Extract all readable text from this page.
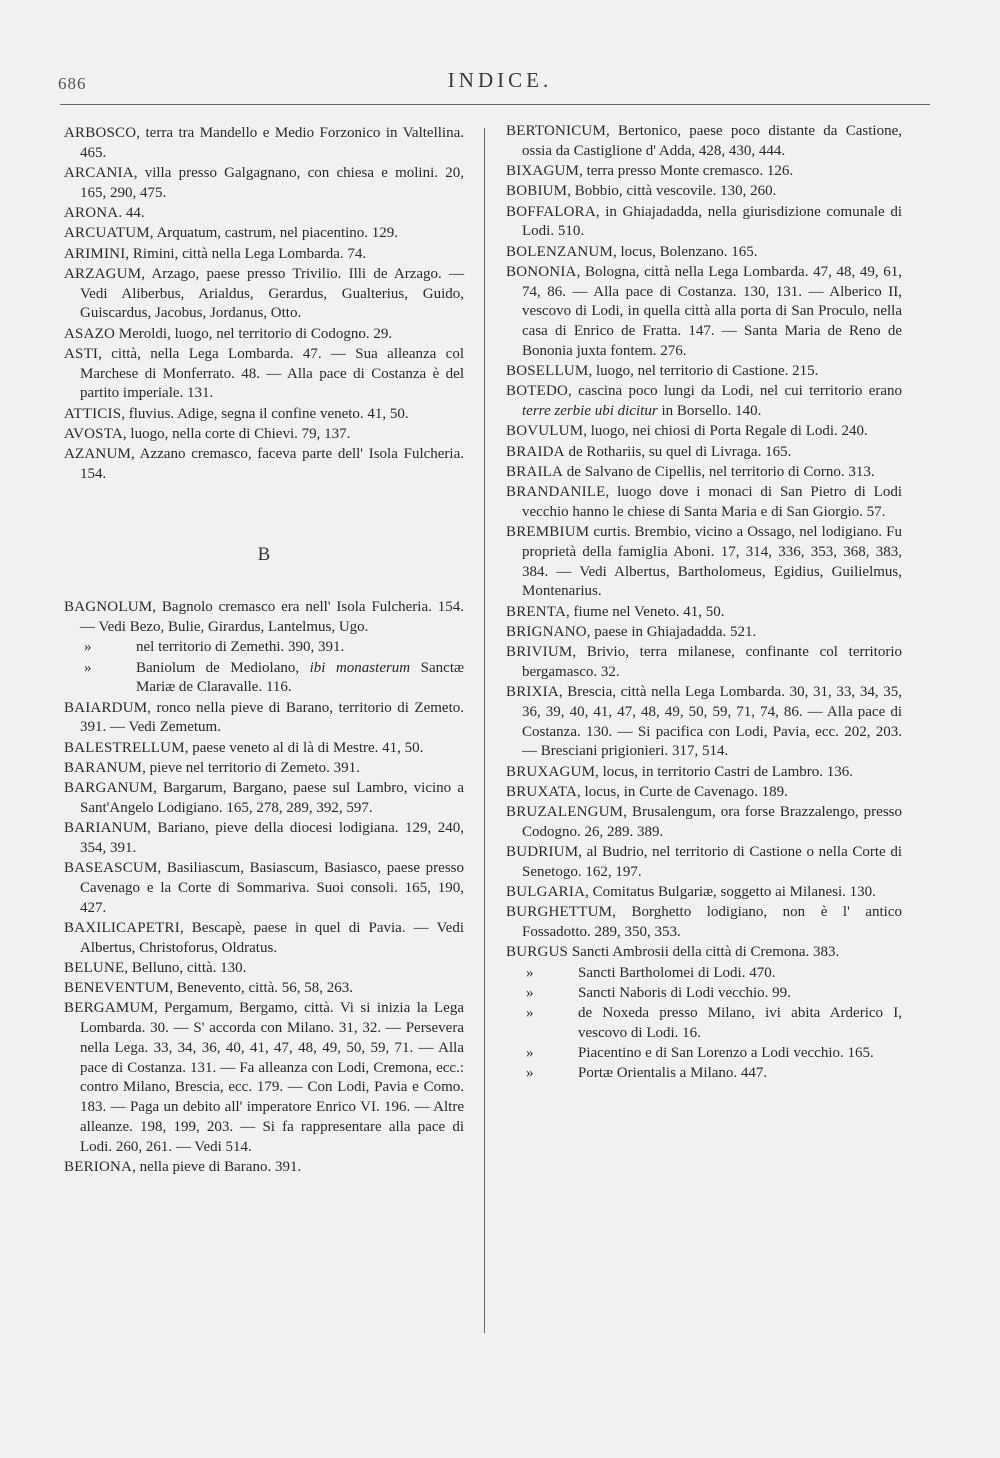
686	INDICE.
ARBOSCO, terra tra Mandello e Medio Forzonico in Valtellina. 465.
ARCANIA, villa presso Galgagnano, con chiesa e molini. 20, 165, 290, 475.
ARONA. 44.
ARCUATUM, Arquatum, castrum, nel piacentino. 129.
ARIMINI, Rimini, città nella Lega Lombarda. 74.
ARZAGUM, Arzago, paese presso Trivilio. Illi de Arzago. — Vedi Aliberbus, Arialdus, Gerardus, Gualterius, Guido, Guiscardus, Jacobus, Jordanus, Otto.
ASAZO Meroldi, luogo, nel territorio di Codogno. 29.
ASTI, città, nella Lega Lombarda. 47. — Sua alleanza col Marchese di Monferrato. 48. — Alla pace di Costanza è del partito imperiale. 131.
ATTICIS, fluvius. Adige, segna il confine veneto. 41, 50.
AVOSTA, luogo, nella corte di Chievi. 79, 137.
AZANUM, Azzano cremasco, faceva parte dell' Isola Fulcheria. 154.
B
BAGNOLUM, Bagnolo cremasco era nell' Isola Fulcheria. 154. — Vedi Bezo, Bulie, Girardus, Lantelmus, Ugo.
»	nel territorio di Zemethi. 390, 391.
»	Baniolum de Mediolano, ibi monasterum Sanctæ Mariæ de Claravalle. 116.
BAIARDUM, ronco nella pieve di Barano, territorio di Zemeto. 391. — Vedi Zemetum.
BALESTRELLUM, paese veneto al di là di Mestre. 41, 50.
BARANUM, pieve nel territorio di Zemeto. 391.
BARGANUM, Bargarum, Bargano, paese sul Lambro, vicino a Sant'Angelo Lodigiano. 165, 278, 289, 392, 597.
BARIANUM, Bariano, pieve della diocesi lodigiana. 129, 240, 354, 391.
BASEASCUM, Basiliascum, Basiascum, Basiasco, paese presso Cavenago e la Corte di Sommariva. Suoi consoli. 165, 190, 427.
BAXILICAPETRI, Bescapè, paese in quel di Pavia. — Vedi Albertus, Christoforus, Oldratus.
BELUNE, Belluno, città. 130.
BENEVENTUM, Benevento, città. 56, 58, 263.
BERGAMUM, Pergamum, Bergamo, città. Vi si inizia la Lega Lombarda. 30. — S' accorda con Milano. 31, 32. — Persevera nella Lega. 33, 34, 36, 40, 41, 47, 48, 49, 50, 59, 71. — Alla pace di Costanza. 131. — Fa alleanza con Lodi, Cremona, ecc.: contro Milano, Brescia, ecc. 179. — Con Lodi, Pavia e Como. 183. — Paga un debito all' imperatore Enrico VI. 196. — Altre alleanze. 198, 199, 203. — Si fa rappresentare alla pace di Lodi. 260, 261. — Vedi 514.
BERIONA, nella pieve di Barano. 391.
BERTONICUM, Bertonico, paese poco distante da Castione, ossia da Castiglione d' Adda, 428, 430, 444.
BIXAGUM, terra presso Monte cremasco. 126.
BOBIUM, Bobbio, città vescovile. 130, 260.
BOFFALORA, in Ghiajadadda, nella giurisdizione comunale di Lodi. 510.
BOLENZANUM, locus, Bolenzano. 165.
BONONIA, Bologna, città nella Lega Lombarda. 47, 48, 49, 61, 74, 86. — Alla pace di Costanza. 130, 131. — Alberico II, vescovo di Lodi, in quella città alla porta di San Proculo, nella casa di Enrico de Fratta. 147. — Santa Maria de Reno de Bononia juxta fontem. 276.
BOSELLUM, luogo, nel territorio di Castione. 215.
BOTEDO, cascina poco lungi da Lodi, nel cui territorio erano terre zerbie ubi dicitur in Borsello. 140.
BOVULUM, luogo, nei chiosi di Porta Regale di Lodi. 240.
BRAIDA de Rothariis, su quel di Livraga. 165.
BRAILA de Salvano de Cipellis, nel territorio di Corno. 313.
BRANDANILE, luogo dove i monaci di San Pietro di Lodi vecchio hanno le chiese di Santa Maria e di San Giorgio. 57.
BREMBIUM curtis. Brembio, vicino a Ossago, nel lodigiano. Fu proprietà della famiglia Aboni. 17, 314, 336, 353, 368, 383, 384. — Vedi Albertus, Bartholomeus, Egidius, Guilielmus, Montenarius.
BRENTA, fiume nel Veneto. 41, 50.
BRIGNANO, paese in Ghiajadadda. 521.
BRIVIUM, Brivio, terra milanese, confinante col territorio bergamasco. 32.
BRIXIA, Brescia, città nella Lega Lombarda. 30, 31, 33, 34, 35, 36, 39, 40, 41, 47, 48, 49, 50, 59, 71, 74, 86. — Alla pace di Costanza. 130. — Si pacifica con Lodi, Pavia, ecc. 202, 203. — Bresciani prigionieri. 317, 514.
BRUXAGUM, locus, in territorio Castri de Lambro. 136.
BRUXATA, locus, in Curte de Cavenago. 189.
BRUZALENGUM, Brusalengum, ora forse Brazzalengo, presso Codogno. 26, 289. 389.
BUDRIUM, al Budrio, nel territorio di Castione o nella Corte di Senetogo. 162, 197.
BULGARIA, Comitatus Bulgariæ, soggetto ai Milanesi. 130.
BURGHETTUM, Borghetto lodigiano, non è l' antico Fossadotto. 289, 350, 353.
BURGUS Sancti Ambrosii della città di Cremona. 383.
»	Sancti Bartholomei di Lodi. 470.
»	Sancti Naboris di Lodi vecchio. 99.
»	de Noxeda presso Milano, ivi abita Arderico I, vescovo di Lodi. 16.
»	Piacentino e di San Lorenzo a Lodi vecchio. 165.
»	Portæ Orientalis a Milano. 447.
